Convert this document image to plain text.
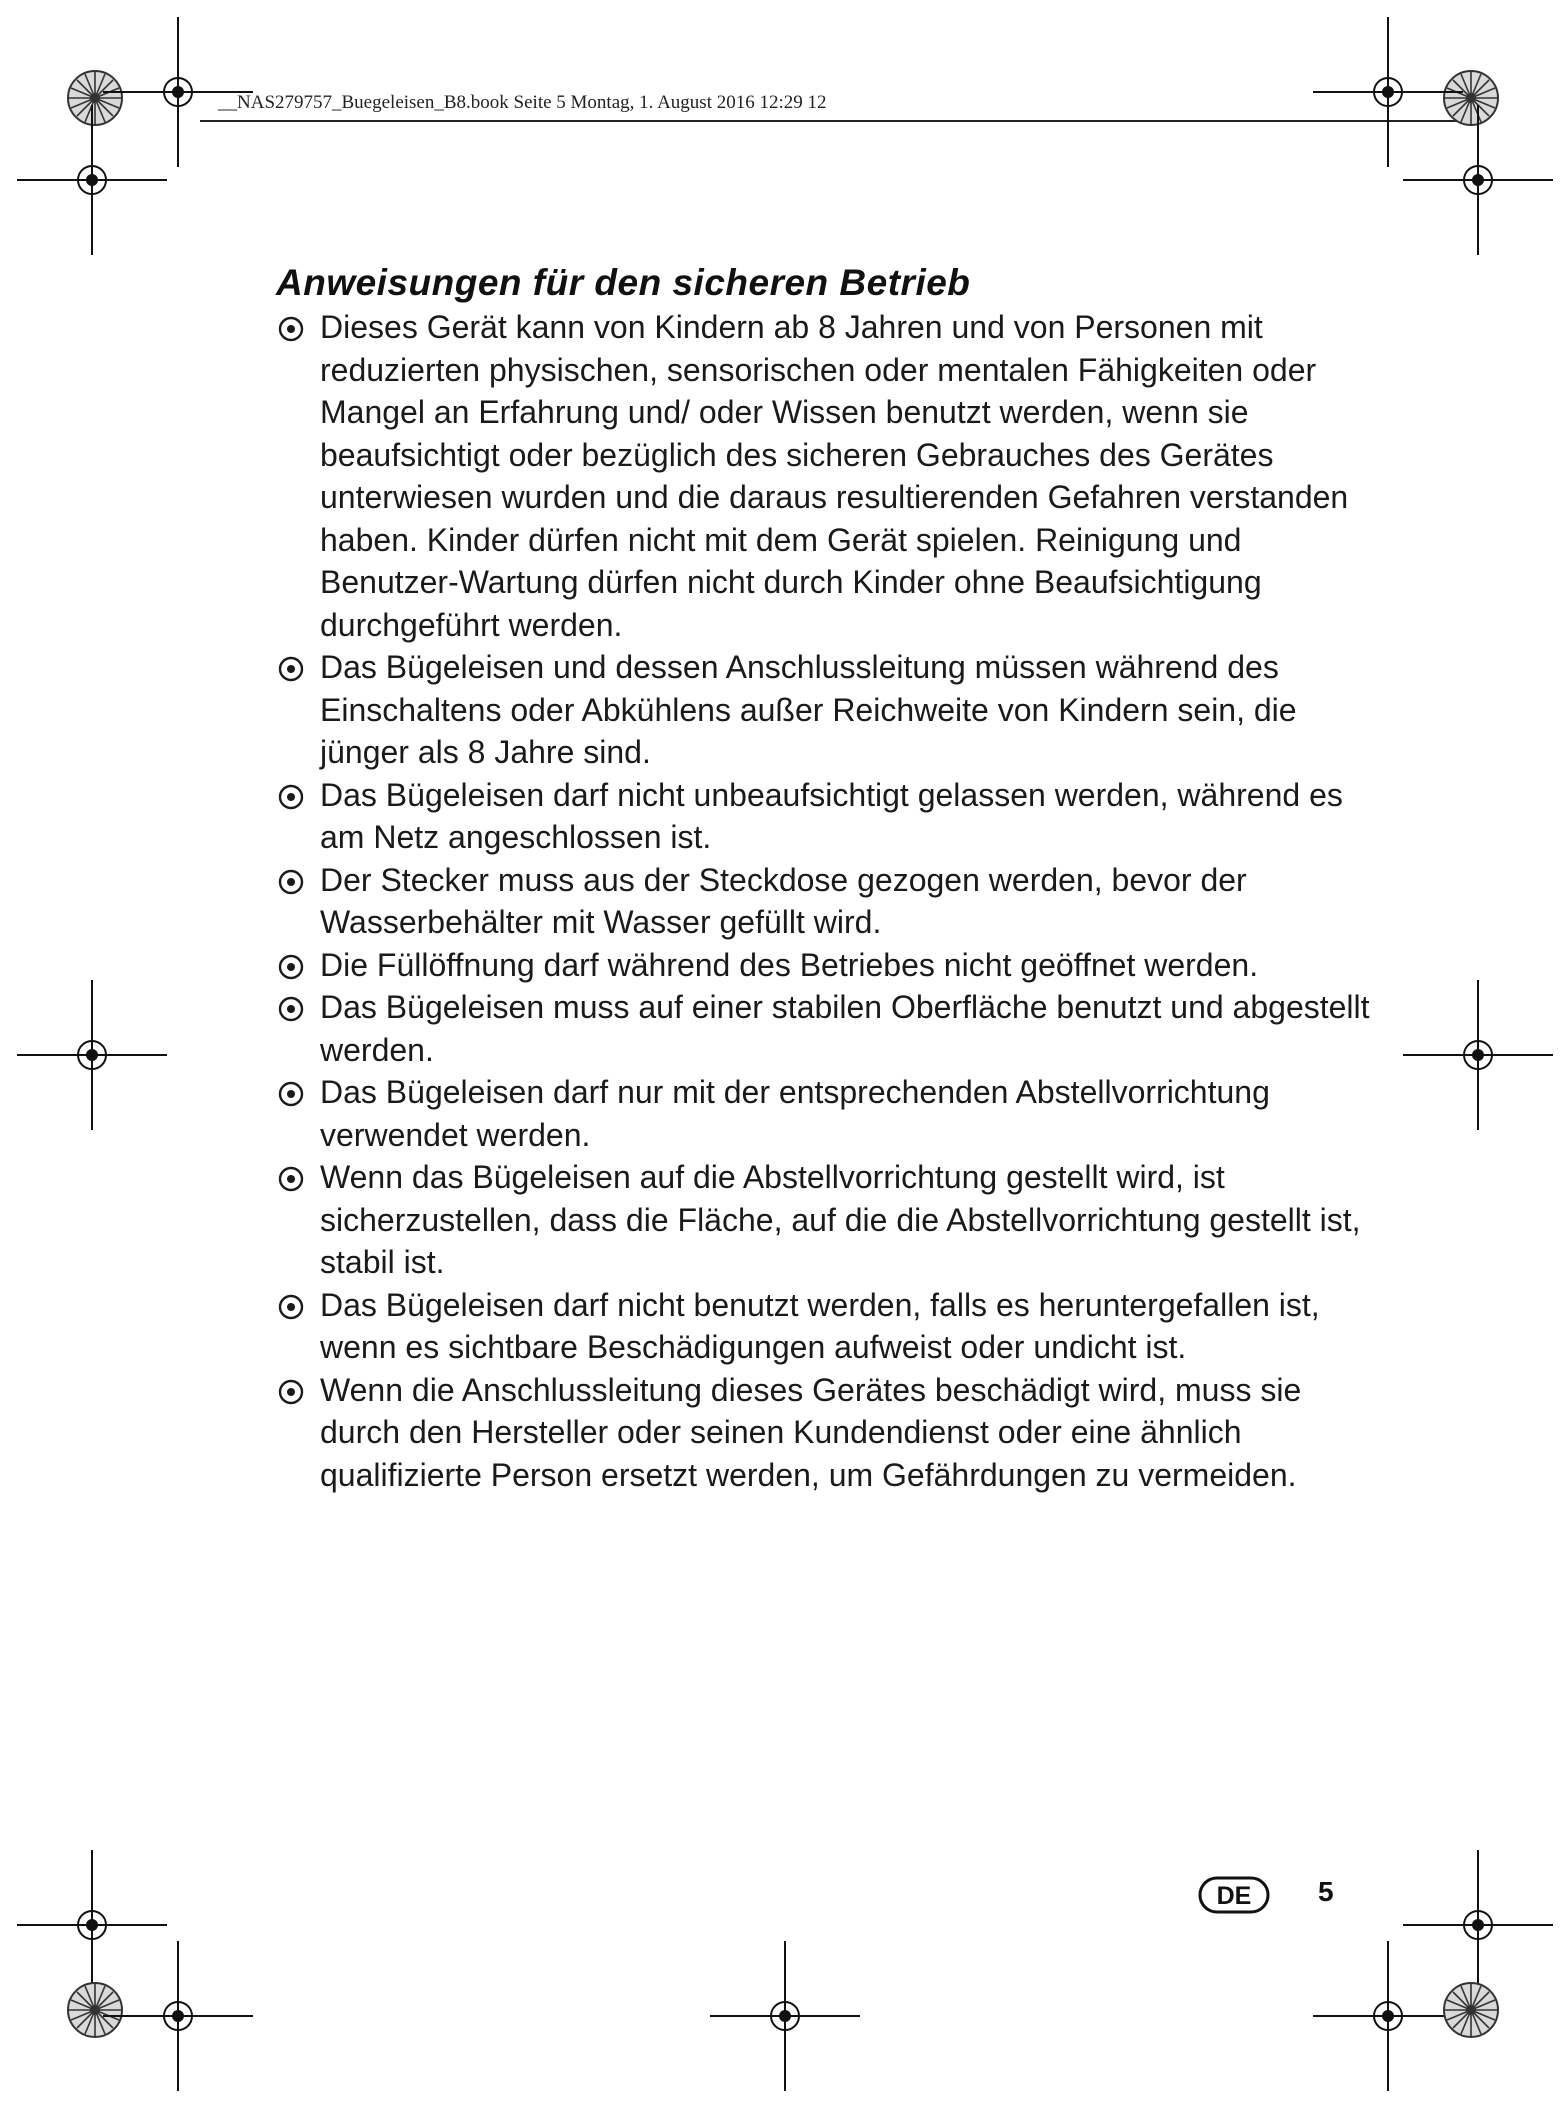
__NAS279757_Buegeleisen_B8.book Seite 5 Montag, 1. August 2016 12:29 12
Anweisungen für den sicheren Betrieb
Dieses Gerät kann von Kindern ab 8 Jahren und von Personen mit reduzierten physischen, sensorischen oder mentalen Fähigkeiten oder Mangel an Erfahrung und/ oder Wissen benutzt werden, wenn sie beaufsichtigt oder bezüglich des sicheren Gebrauches des Gerätes unterwiesen wurden und die daraus resultierenden Gefahren verstanden haben. Kinder dürfen nicht mit dem Gerät spielen. Reinigung und Benutzer-Wartung dürfen nicht durch Kinder ohne Beaufsichtigung durchgeführt werden.
Das Bügeleisen und dessen Anschlussleitung müssen während des Einschaltens oder Abkühlens außer Reichweite von Kindern sein, die jünger als 8 Jahre sind.
Das Bügeleisen darf nicht unbeaufsichtigt gelassen werden, während es am Netz angeschlossen ist.
Der Stecker muss aus der Steckdose gezogen werden, bevor der Wasserbehälter mit Wasser gefüllt wird.
Die Füllöffnung darf während des Betriebes nicht geöffnet werden.
Das Bügeleisen muss auf einer stabilen Oberfläche benutzt und abgestellt werden.
Das Bügeleisen darf nur mit der entsprechenden Abstellvorrichtung verwendet werden.
Wenn das Bügeleisen auf die Abstellvorrichtung gestellt wird, ist sicherzustellen, dass die Fläche, auf die die Abstellvorrichtung gestellt ist, stabil ist.
Das Bügeleisen darf nicht benutzt werden, falls es heruntergefallen ist, wenn es sichtbare Beschädigungen aufweist oder undicht ist.
Wenn die Anschlussleitung dieses Gerätes beschädigt wird, muss sie durch den Hersteller oder seinen Kundendienst oder eine ähnlich qualifizierte Person ersetzt werden, um Gefährdungen zu vermeiden.
DE 5
